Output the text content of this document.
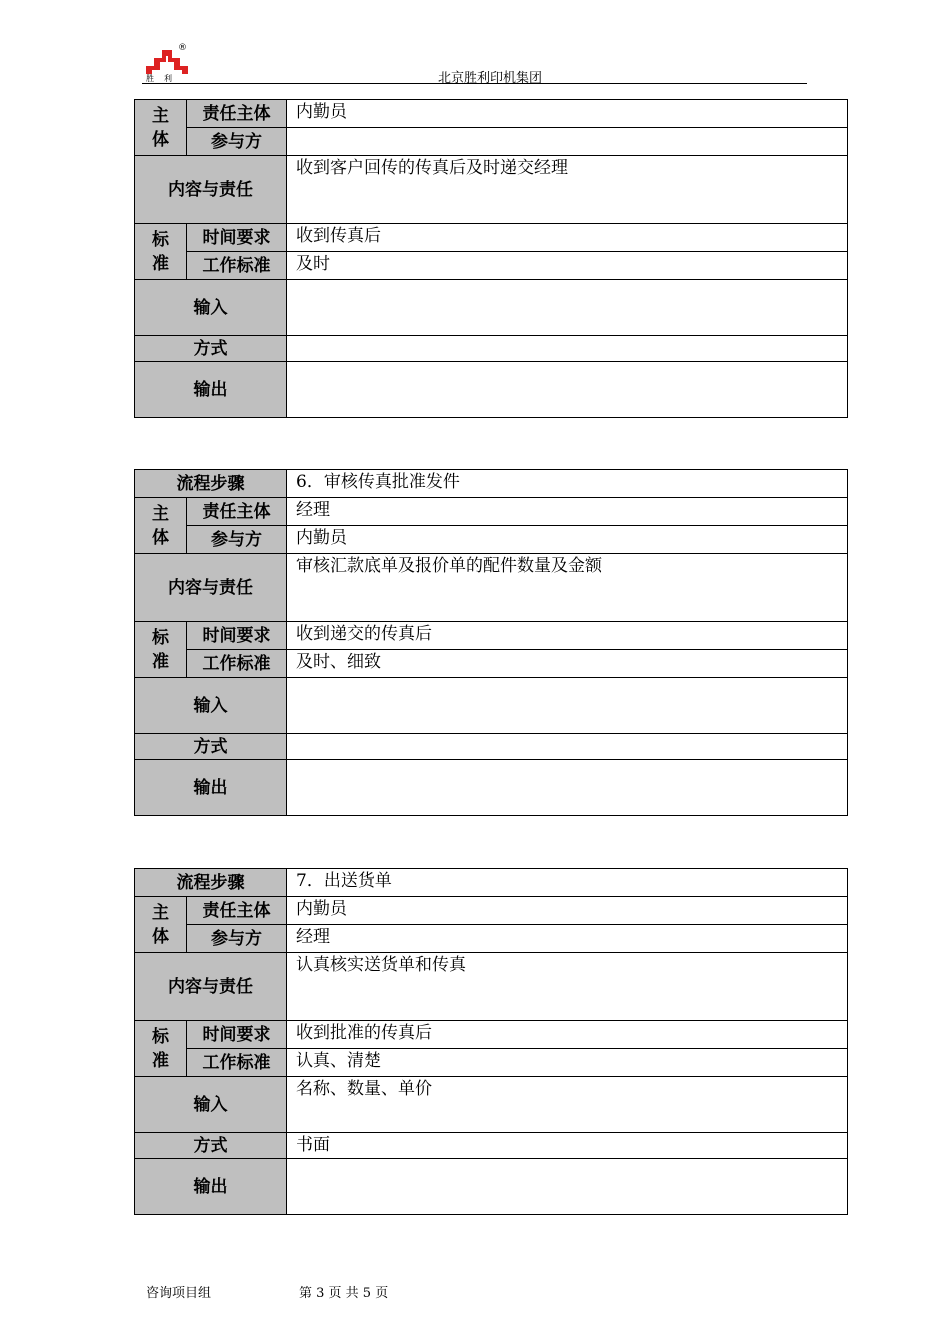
胜利
®
北京胜利印机集团
主体	责任主体	内勤员
	参与方	
内容与责任		收到客户回传的传真后及时递交经理
标准	时间要求	收到传真后
	工作标准	及时
输入		
方式		
输出		
流程步骤		6．审核传真批准发件
主体	责任主体	经理
	参与方	内勤员
内容与责任		审核汇款底单及报价单的配件数量及金额
标准	时间要求	收到递交的传真后
	工作标准	及时、细致
输入		
方式		
输出		
流程步骤		7．出送货单
主体	责任主体	内勤员
	参与方	经理
内容与责任		认真核实送货单和传真
标准	时间要求	收到批准的传真后
	工作标准	认真、清楚
输入		名称、数量、单价
方式		书面
输出		
咨询项目组	第 3 页 共 5 页
